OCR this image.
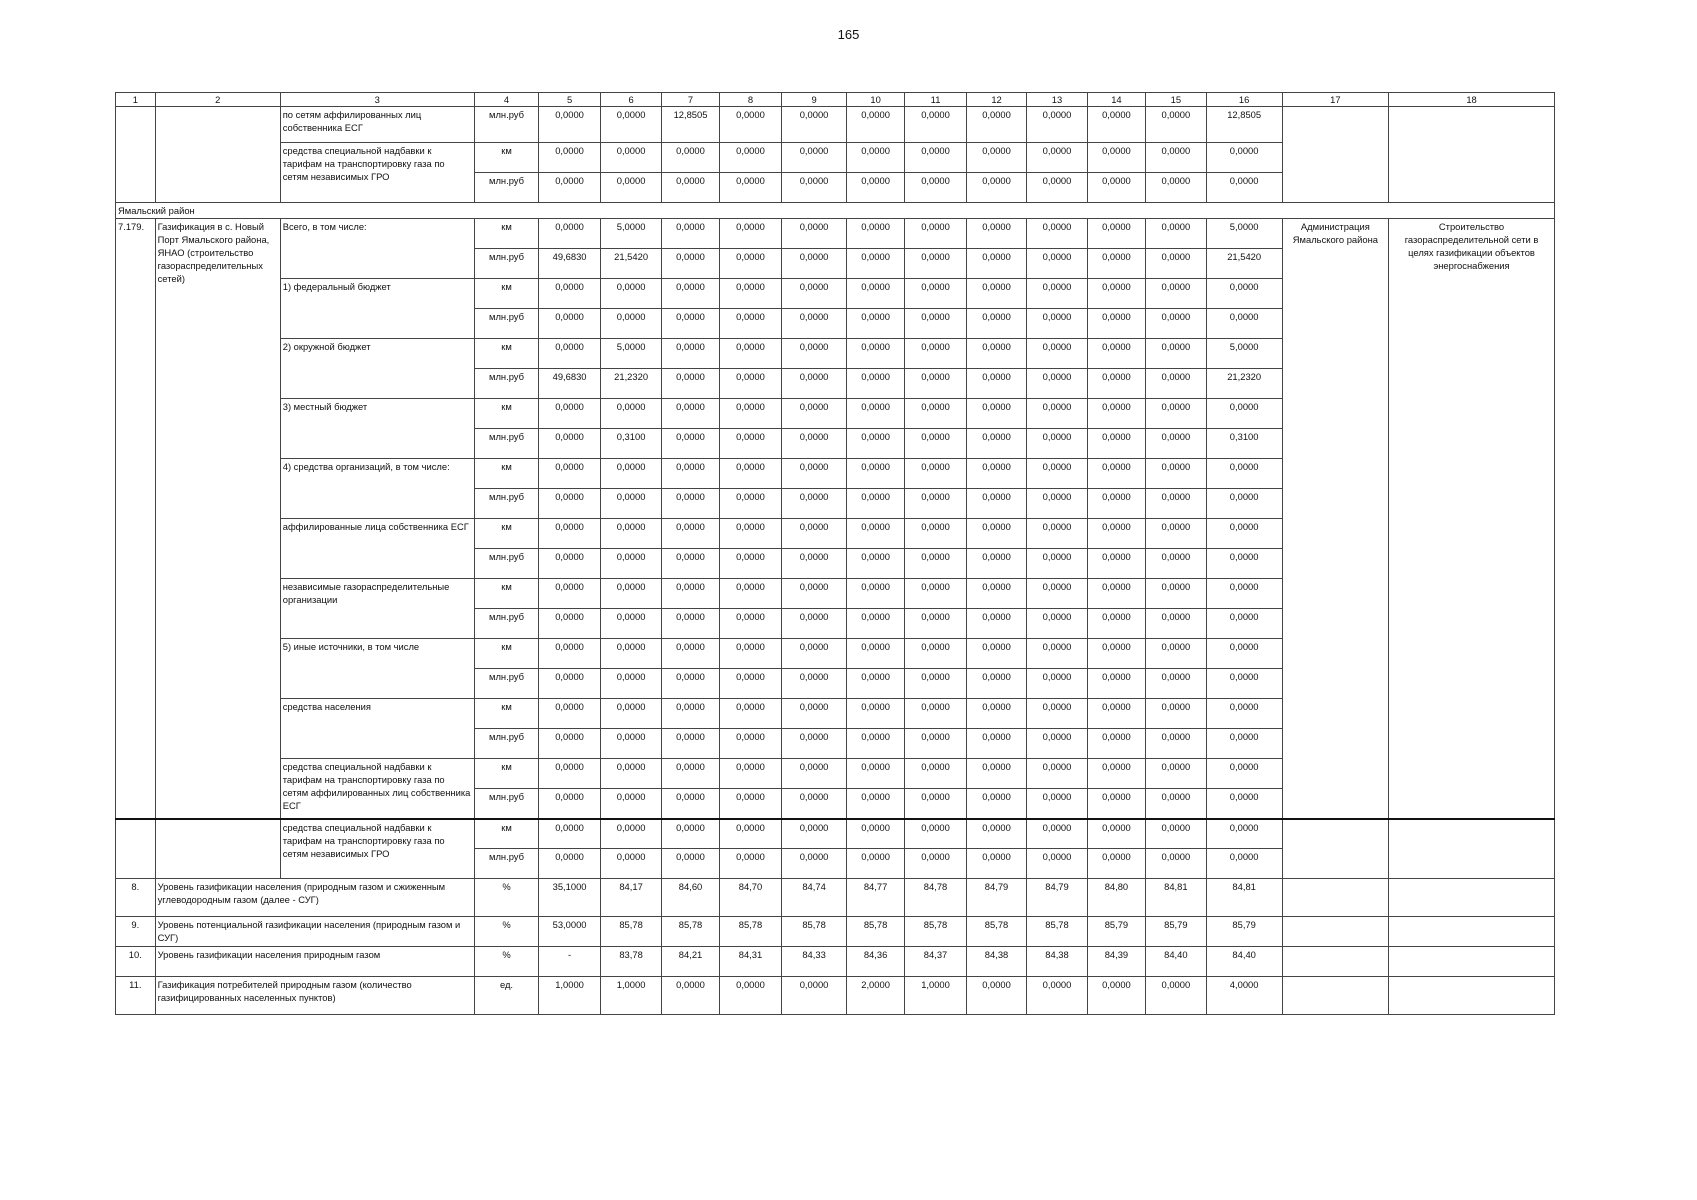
165
1	2	3	4	5	6	7	8	9	10	11	12	13	14	15	16	17	18
		по сетям аффилированных лиц собственника ЕСГ	млн.руб	0,0000	0,0000	12,8505	0,0000	0,0000	0,0000	0,0000	0,0000	0,0000	0,0000	0,0000	12,8505		
		средства специальной надбавки к тарифам на транспортировку газа по сетям независимых ГРО	км	0,0000	0,0000	0,0000	0,0000	0,0000	0,0000	0,0000	0,0000	0,0000	0,0000	0,0000	0,0000		
			млн.руб	0,0000	0,0000	0,0000	0,0000	0,0000	0,0000	0,0000	0,0000	0,0000	0,0000	0,0000	0,0000		
Ямальский район																	
7.179.	Газификация в с. Новый Порт Ямальского района, ЯНАО (строительство газораспределительных сетей)	Всего, в том числе:	км	0,0000	5,0000	0,0000	0,0000	0,0000	0,0000	0,0000	0,0000	0,0000	0,0000	0,0000	5,0000	Администрация Ямальского района	Строительство газораспределительной сети в целях газификации объектов энергоснабжения
			млн.руб	49,6830	21,5420	0,0000	0,0000	0,0000	0,0000	0,0000	0,0000	0,0000	0,0000	0,0000	21,5420		
		1) федеральный бюджет	км	0,0000	0,0000	0,0000	0,0000	0,0000	0,0000	0,0000	0,0000	0,0000	0,0000	0,0000	0,0000		
			млн.руб	0,0000	0,0000	0,0000	0,0000	0,0000	0,0000	0,0000	0,0000	0,0000	0,0000	0,0000	0,0000		
		2) окружной бюджет	км	0,0000	5,0000	0,0000	0,0000	0,0000	0,0000	0,0000	0,0000	0,0000	0,0000	0,0000	5,0000		
			млн.руб	49,6830	21,2320	0,0000	0,0000	0,0000	0,0000	0,0000	0,0000	0,0000	0,0000	0,0000	21,2320		
		3) местный бюджет	км	0,0000	0,0000	0,0000	0,0000	0,0000	0,0000	0,0000	0,0000	0,0000	0,0000	0,0000	0,0000		
			млн.руб	0,0000	0,3100	0,0000	0,0000	0,0000	0,0000	0,0000	0,0000	0,0000	0,0000	0,0000	0,3100		
		4) средства организаций, в том числе:	км	0,0000	0,0000	0,0000	0,0000	0,0000	0,0000	0,0000	0,0000	0,0000	0,0000	0,0000	0,0000		
			млн.руб	0,0000	0,0000	0,0000	0,0000	0,0000	0,0000	0,0000	0,0000	0,0000	0,0000	0,0000	0,0000		
		аффилированные лица собственника ЕСГ	км	0,0000	0,0000	0,0000	0,0000	0,0000	0,0000	0,0000	0,0000	0,0000	0,0000	0,0000	0,0000		
			млн.руб	0,0000	0,0000	0,0000	0,0000	0,0000	0,0000	0,0000	0,0000	0,0000	0,0000	0,0000	0,0000		
		независимые газораспределительные организации	км	0,0000	0,0000	0,0000	0,0000	0,0000	0,0000	0,0000	0,0000	0,0000	0,0000	0,0000	0,0000		
			млн.руб	0,0000	0,0000	0,0000	0,0000	0,0000	0,0000	0,0000	0,0000	0,0000	0,0000	0,0000	0,0000		
		5) иные источники, в том числе	км	0,0000	0,0000	0,0000	0,0000	0,0000	0,0000	0,0000	0,0000	0,0000	0,0000	0,0000	0,0000		
			млн.руб	0,0000	0,0000	0,0000	0,0000	0,0000	0,0000	0,0000	0,0000	0,0000	0,0000	0,0000	0,0000		
		средства населения	км	0,0000	0,0000	0,0000	0,0000	0,0000	0,0000	0,0000	0,0000	0,0000	0,0000	0,0000	0,0000		
			млн.руб	0,0000	0,0000	0,0000	0,0000	0,0000	0,0000	0,0000	0,0000	0,0000	0,0000	0,0000	0,0000		
		средства специальной надбавки к тарифам на транспортировку газа по сетям аффилированных лиц собственника ЕСГ	км	0,0000	0,0000	0,0000	0,0000	0,0000	0,0000	0,0000	0,0000	0,0000	0,0000	0,0000	0,0000		
			млн.руб	0,0000	0,0000	0,0000	0,0000	0,0000	0,0000	0,0000	0,0000	0,0000	0,0000	0,0000	0,0000		
		средства специальной надбавки к тарифам на транспортировку газа по сетям независимых ГРО	км	0,0000	0,0000	0,0000	0,0000	0,0000	0,0000	0,0000	0,0000	0,0000	0,0000	0,0000	0,0000		
			млн.руб	0,0000	0,0000	0,0000	0,0000	0,0000	0,0000	0,0000	0,0000	0,0000	0,0000	0,0000	0,0000		
8.	Уровень газификации населения (природным газом и сжиженным углеводородным газом (далее - СУГ)		%	35,1000	84,17	84,60	84,70	84,74	84,77	84,78	84,79	84,79	84,80	84,81	84,81		
9.	Уровень потенциальной газификации населения (природным газом и СУГ)		%	53,0000	85,78	85,78	85,78	85,78	85,78	85,78	85,78	85,78	85,79	85,79	85,79		
10.	Уровень газификации населения природным газом		%	-	83,78	84,21	84,31	84,33	84,36	84,37	84,38	84,38	84,39	84,40	84,40		
11.	Газификация потребителей природным газом (количество газифицированных населенных пунктов)		ед.	1,0000	1,0000	0,0000	0,0000	0,0000	2,0000	1,0000	0,0000	0,0000	0,0000	0,0000	4,0000		
